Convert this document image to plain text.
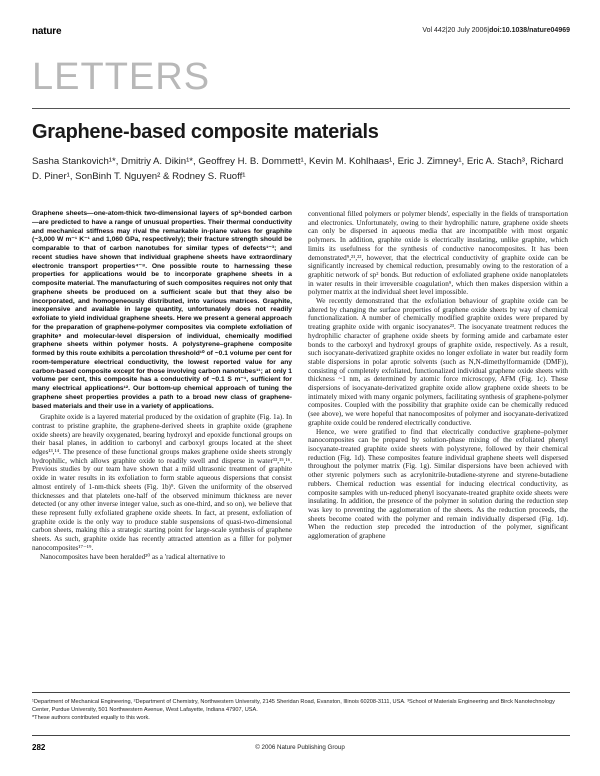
nature	Vol 442|20 July 2006|doi:10.1038/nature04969
LETTERS
Graphene-based composite materials
Sasha Stankovich¹*, Dmitriy A. Dikin¹*, Geoffrey H. B. Dommett¹, Kevin M. Kohlhaas¹, Eric J. Zimney¹, Eric A. Stach³, Richard D. Piner¹, SonBinh T. Nguyen² & Rodney S. Ruoff¹

Graphene sheets—one-atom-thick two-dimensional layers of sp²-bonded carbon—are predicted to have a range of unusual properties. Their thermal conductivity and mechanical stiffness may rival the remarkable in-plane values for graphite (~3,000 W m⁻¹ K⁻¹ and 1,060 GPa, respectively); their fracture strength should be comparable to that of carbon nanotubes for similar types of defects¹⁻³; and recent studies have shown that individual graphene sheets have extraordinary electronic transport properties⁴⁻⁸. One possible route to harnessing these properties for applications would be to incorporate graphene sheets in a composite material. The manufacturing of such composites requires not only that graphene sheets be produced on a sufficient scale but that they also be incorporated, and homogeneously distributed, into various matrices. Graphite, inexpensive and available in large quantity, unfortunately does not readily exfoliate to yield individual graphene sheets. Here we present a general approach for the preparation of graphene-polymer composites via complete exfoliation of graphite⁹ and molecular-level dispersion of individual, chemically modified graphene sheets within polymer hosts. A polystyrene–graphene composite formed by this route exhibits a percolation threshold¹⁰ of ~0.1 volume per cent for room-temperature electrical conductivity, the lowest reported value for any carbon-based composite except for those involving carbon nanotubes¹¹; at only 1 volume per cent, this composite has a conductivity of ~0.1 S m⁻¹, sufficient for many electrical applications¹². Our bottom-up chemical approach of tuning the graphene sheet properties provides a path to a broad new class of graphene-based materials and their use in a variety of applications.

Graphite oxide is a layered material produced by the oxidation of graphite (Fig. 1a). In contrast to pristine graphite, the graphene-derived sheets in graphite oxide (graphene oxide sheets) are heavily oxygenated, bearing hydroxyl and epoxide functional groups on their basal planes, in addition to carbonyl and carboxyl groups located at the sheet edges¹³,¹⁴. The presence of these functional groups makes graphene oxide sheets strongly hydrophilic, which allows graphite oxide to readily swell and disperse in water¹³,¹⁵,¹⁶. Previous studies by our team have shown that a mild ultrasonic treatment of graphite oxide in water results in its exfoliation to form stable aqueous dispersions that consist almost entirely of 1-nm-thick sheets (Fig. 1b)⁹. Given the uniformity of the observed thicknesses and that platelets one-half of the observed minimum thickness are never detected (or any other inverse integer value, such as one-third, and so on), we believe that these represent fully exfoliated graphene oxide sheets. In fact, at present, exfoliation of graphite oxide is the only way to produce stable suspensions of quasi-two-dimensional carbon sheets, making this a strategic starting point for large-scale synthesis of graphene sheets. As such, graphite oxide has recently attracted attention as a filler for polymer nanocomposites¹⁷⁻¹⁹.

Nanocomposites have been heralded²⁰ as a 'radical alternative to

conventional filled polymers or polymer blends', especially in the fields of transportation and electronics. Unfortunately, owing to their hydrophilic nature, graphene oxide sheets can only be dispersed in aqueous media that are incompatible with most organic polymers. In addition, graphite oxide is electrically insulating, unlike graphite, which limits its usefulness for the synthesis of conductive nanocomposites. It has been demonstrated⁹,²¹,²², however, that the electrical conductivity of graphite oxide can be significantly increased by chemical reduction, presumably owing to the restoration of a graphitic network of sp² bonds. But reduction of exfoliated graphene oxide nanoplatelets in water results in their irreversible coagulation⁹, which then makes dispersion within a polymer matrix at the individual sheet level impossible.

We recently demonstrated that the exfoliation behaviour of graphite oxide can be altered by changing the surface properties of graphene oxide sheets by way of chemical functionalization. A number of chemically modified graphite oxides were prepared by treating graphite oxide with organic isocyanates²³. The isocyanate treatment reduces the hydrophilic character of graphene oxide sheets by forming amide and carbamate ester bonds to the carboxyl and hydroxyl groups of graphite oxide, respectively. As a result, such isocyanate-derivatized graphite oxides no longer exfoliate in water but readily form stable dispersions in polar aprotic solvents (such as N,N-dimethylformamide (DMF)), consisting of completely exfoliated, functionalized individual graphene oxide sheets with thickness ~1 nm, as determined by atomic force microscopy, AFM (Fig. 1c). These dispersions of isocyanate-derivatized graphite oxide allow graphene oxide sheets to be intimately mixed with many organic polymers, facilitating synthesis of graphene-polymer composites. Coupled with the possibility that graphite oxide can be chemically reduced (see above), we were hopeful that nanocomposites of polymer and isocyanate-derivatized graphite oxide could be rendered electrically conductive.

Hence, we were gratified to find that electrically conductive graphene–polymer nanocomposites can be prepared by solution-phase mixing of the exfoliated phenyl isocyanate-treated graphite oxide sheets with polystyrene, followed by their chemical reduction (Fig. 1d). These composites feature individual graphene sheets well dispersed throughout the polymer matrix (Fig. 1g). Similar dispersions have been achieved with other styrenic polymers such as acrylonitrile-butadiene-styrene and styrene-butadiene rubbers. Chemical reduction was essential for inducing electrical conductivity, as composite samples with un-reduced phenyl isocyanate-treated graphite oxide sheets were insulating. In addition, the presence of the polymer in solution during the reduction step was key to preventing the agglomeration of the sheets. As the reduction proceeds, the sheets become coated with the polymer and remain individually dispersed (Fig. 1d). When the reduction step preceded the introduction of the polymer, significant agglomeration of graphene

¹Department of Mechanical Engineering, ²Department of Chemistry, Northwestern University, 2145 Sheridan Road, Evanston, Illinois 60208-3111, USA. ³School of Materials Engineering and Birck Nanotechnology Center, Purdue University, 501 Northwestern Avenue, West Lafayette, Indiana 47907, USA.
*These authors contributed equally to this work.
282	© 2006 Nature Publishing Group
